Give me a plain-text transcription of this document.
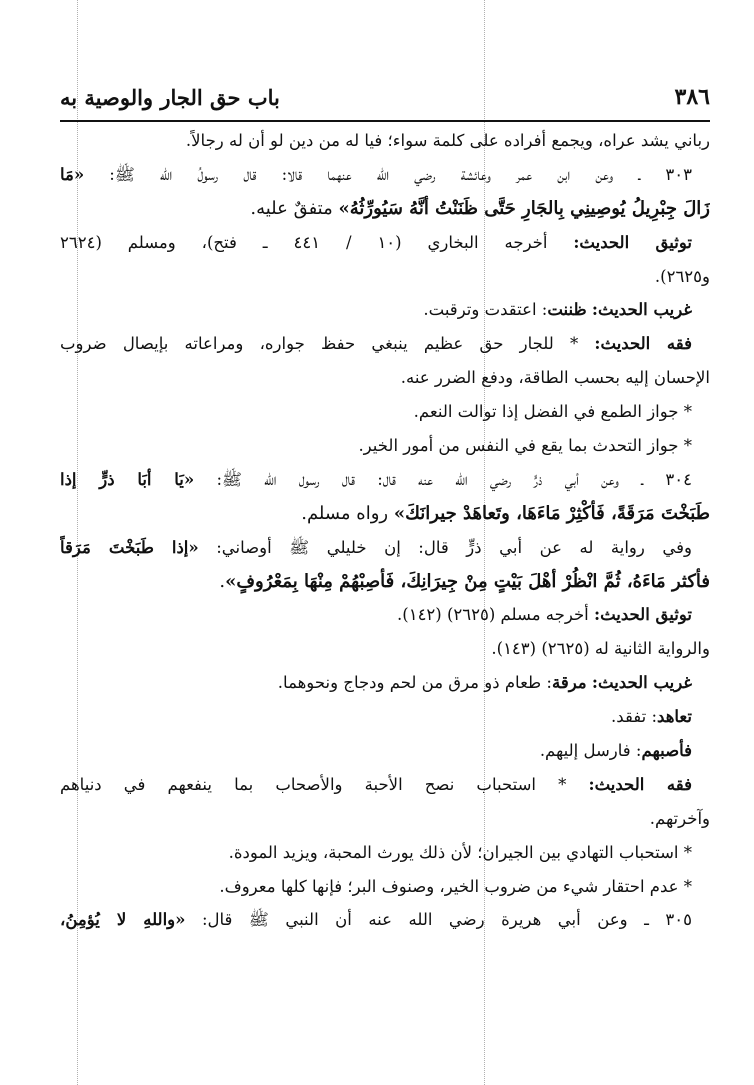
٣٨٦
باب حق الجار والوصية به
رباني يشد عراه، ويجمع أفراده على كلمة سواء؛ فيا له من دين لو أن له رجالاً.
٣٠٣ ـ وعن ابن عمر وعائشة رضي الله عنهما قالا: قال رسولُ الله ﷺ: «مَا
زَالَ جِبْرِيلُ يُوصِينِي بِالجَارِ حَتَّى ظَنَنْتُ أنَّهُ سَيُورِّثُهُ» متفقٌ عليه.
توثيق الحديث: أخرجه البخاري (١٠ / ٤٤١ ـ فتح)، ومسلم (٢٦٢٤
و٢٦٢٥).
غريب الحديث: ظننت: اعتقدت وترقبت.
فقه الحديث: * للجار حق عظيم ينبغي حفظ جواره، ومراعاته بإيصال ضروب
الإحسان إليه بحسب الطاقة، ودفع الضرر عنه.
* جواز الطمع في الفضل إذا توالت النعم.
* جواز التحدث بما يقع في النفس من أمور الخير.
٣٠٤ ـ وعن أبي ذرٍّ رضي الله عنه قال: قال رسول الله ﷺ: «يَا أبَا ذرٍّ إذا
طَبَخْتَ مَرَقَةً، فَأكْثِرْ مَاءَهَا، وتَعاهَدْ جيرانَكَ» رواه مسلم.
وفي رواية له عن أبي ذرٍّ قال: إن خليلي ﷺ أوصاني: «إذا طَبَخْتَ مَرَقاً
فأكثر مَاءَهُ، ثُمَّ انْظُرْ أهْلَ بَيْتٍ مِنْ جِيرَانِكَ، فَأصِبْهُمْ مِنْهَا بِمَعْرُوفٍ».
توثيق الحديث: أخرجه مسلم (٢٦٢٥) (١٤٢).
والرواية الثانية له (٢٦٢٥) (١٤٣).
غريب الحديث: مرقة: طعام ذو مرق من لحم ودجاج ونحوهما.
تعاهد: تفقد.
فأصبهم: فارسل إليهم.
فقه الحديث: * استحباب نصح الأحبة والأصحاب بما ينفعهم في دنياهم
وآخرتهم.
* استحباب التهادي بين الجيران؛ لأن ذلك يورث المحبة، ويزيد المودة.
* عدم احتقار شيء من ضروب الخير، وصنوف البر؛ فإنها كلها معروف.
٣٠٥ ـ وعن أبي هريرة رضي الله عنه أن النبي ﷺ قال: «واللهِ لا يُؤمِنُ،
